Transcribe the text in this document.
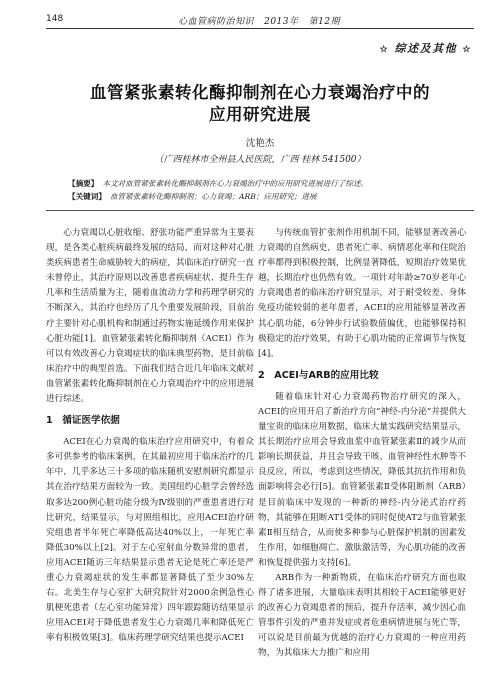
148	心血管病防治知识 2013年 第12期
☆ 综述及其他 ☆
血管紧张素转化酶抑制剂在心力衰竭治疗中的
应用研究进展
沈艳杰
（广西桂林市全州县人民医院，广西 桂林 541500）
【摘要】 本文对血管紧张素转化酶抑制剂在心力衰竭治疗中的应用研究进展进行了综述。
【关键词】 血管紧张素转化酶抑制剂；心力衰竭；ARB；应用研究；进展

心力衰竭以心脏收缩、舒张功能严重异常为主要表现，是各类心脏疾病最终发展的结局，而对这种对心脏类疾病患者生命威胁较大的病症，其临床治疗研究一直未曾停止，其治疗原则以改善患者疾病症状、提升生存几率和生活质量为主，随着血流动力学和药理学研究的不断深入，其治疗也经历了几个重要发展阶段，目前治疗主要针对心肌机构和制通过药物实施延缓作用来保护心脏功能[1]。血管紧张素转化酶抑制剂（ACEI）作为可以有效改善心力衰竭症状的临床典型药物，是目前临床治疗中的典型首选。下面我们结合近几年临床文献对血管紧张素转化酶抑制剂在心力衰竭治疗中的应用进展进行综述。

1　循证医学依据

ACEI在心力衰竭的临床治疗应用研究中，有着众多可供参考的临床案例，在其最初应用于临床治疗的几年中，几乎多达三十多项的临床随机安慰剂研究都显示其在治疗结果方面较为一致。美国纽约心脏学会曾经选取多达200例心脏功能分级为Ⅳ级别的严重患者进行对比研究，结果显示，与对照组相比，应用ACEI治疗研究组患者半年死亡率降低高达40%以上，一年死亡率降低30%以上[2]。对于左心室射血分数异常的患者，应用ACEI随访三年结果显示患者无论是死亡率还是严重心力衰竭症状的发生率都显著降低了至少30%左右。北美生存与心室扩大研究院针对2000余例急性心肌梗死患者（左心室功能异常）四年跟踪随访结果显示应用ACEI对于降低患者发生心力衰竭几率和降低死亡率有积极效果[3]。临床药理学研究结果也提示ACEI

与传统血管扩张剂作用机制不同，能够显著改善心力衰竭的自然病史，患者死亡率、病情恶化率和住院治疗率都得到积极控制，比例显著降低，短期治疗效果优越，长期治疗也仍然有效。一项针对年龄≥70岁老年心力衰竭患者的临床治疗研究显示，对于耐受较差、身体免疫功能较弱的老年患者，ACEI的应用能够显著改善其心肌功能，6分钟步行试验数值偏优，也能够保持积极稳定的治疗效果，有助于心肌功能的正常调节与恢复[4]。

2　ACEI与ARB的应用比较

随着临床针对心力衰竭药物治疗研究的深入，ACEI的应用开启了新治疗方向“神经-内分泌”并提供大量宝贵的临床应用数据，临床大量实践研究结果显示，其长期治疗应用会导致血浆中血管紧张素Ⅱ的减少从而影响长期获益，并且会导致干咳、血管神经性水肿等不良反应，所以，考虑到这些情况，降低其抗抗作用和负面影响将会必行[5]。血管紧张素Ⅱ受体阻断剂（ARB）是目前临床中发现的一种新的神经-内分泌式治疗药物，其能够在阻断AT1受体的同时促使AT2与血管紧张素Ⅱ相互结合，从而使多种参与心脏保护机制的因素发生作用，如细胞凋亡、激肽激活等，为心肌功能的改善和恢复提供强力支持[6]。

ARB作为一种新物质，在临床治疗研究方面也取得了诸多进展，大量临床表明其相较于ACEI能够更好的改善心力衰竭患者的预后，提升存活率，减少因心血管事件引发的严重并发症或者危重病情进展与死亡等，可以说是目前最为优越的治疗心力衰竭的一种应用药物，为其临床大力推广和应用
